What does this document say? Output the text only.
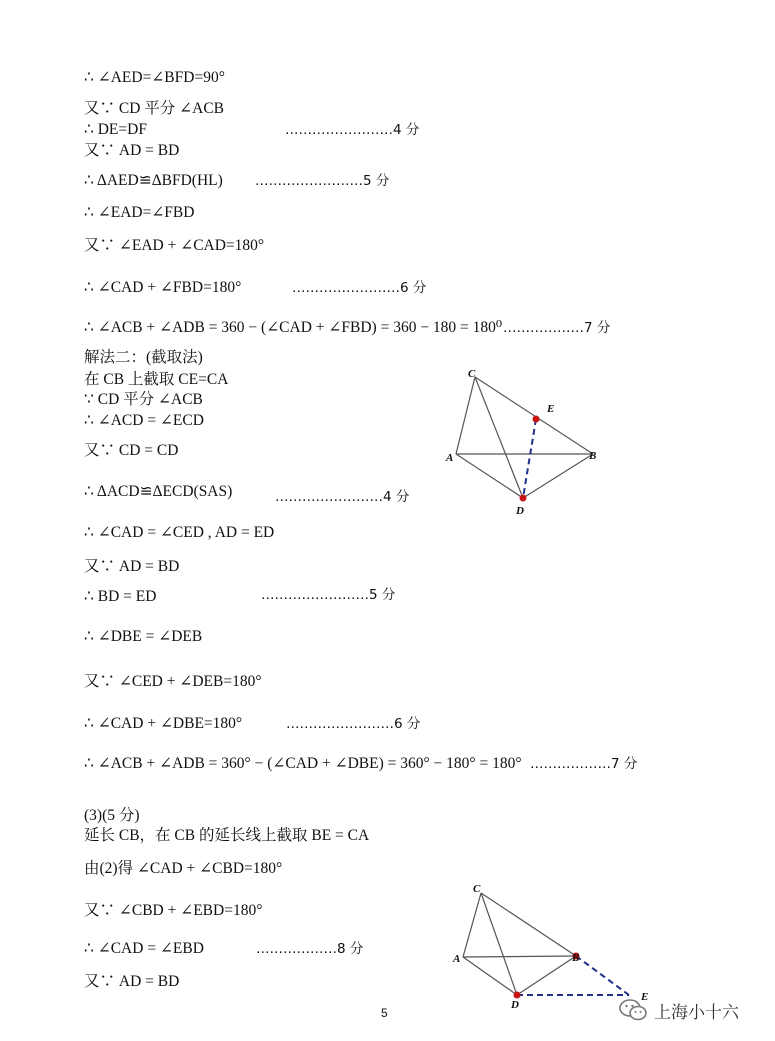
∴ ∠AED=∠BFD=90°
又∵ CD 平分 ∠ACB
∴ DE=DF
又∵ AD = BD
∴ ΔAED≌ΔBFD(HL)
∴ ∠EAD=∠FBD
又∵ ∠EAD + ∠CAD=180°
∴ ∠CAD + ∠FBD=180°
∴ ∠ACB + ∠ADB = 360 − (∠CAD + ∠FBD) = 360 − 180 = 180⁰
解法二：(截取法)
在 CB 上截取 CE=CA
∵ CD 平分 ∠ACB
∴ ∠ACD = ∠ECD
又∵ CD = CD
∴ ΔACD≌ΔECD(SAS)
∴ ∠CAD = ∠CED , AD = ED
又∵ AD = BD
∴ BD = ED
∴ ∠DBE = ∠DEB
又∵ ∠CED + ∠DEB=180°
∴ ∠CAD + ∠DBE=180°
∴ ∠ACB + ∠ADB = 360° − (∠CAD + ∠DBE) = 360° − 180° = 180°
(3)(5 分)
延长 CB，在 CB 的延长线上截取 BE = CA
由(2)得 ∠CAD + ∠CBD=180°
又∵ ∠CBD + ∠EBD=180°
∴ ∠CAD = ∠EBD
又∵ AD = BD
……………………4 分
……………………5 分
……………………6 分
………………7 分
……………………4 分
……………………5 分
……………………6 分
………………7 分
………………8 分
C
E
A	B
D
C
A	B
D
E
5	上海小十六
